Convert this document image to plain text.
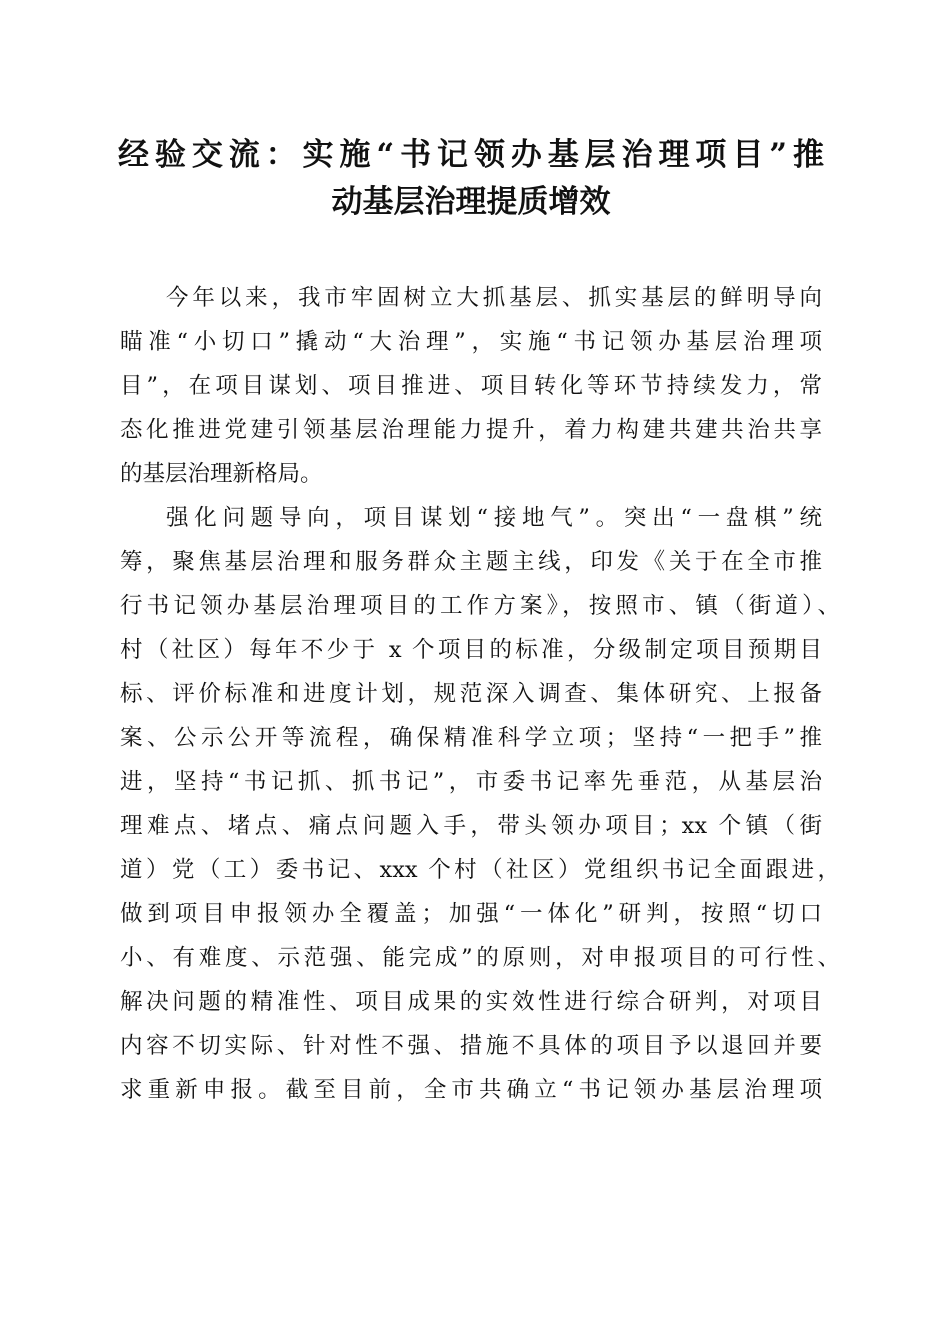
经验交流：实施“书记领办基层治理项目”推
动基层治理提质增效
今年以来，我市牢固树立大抓基层、抓实基层的鲜明导向
瞄准“小切口”撬动“大治理”，实施“书记领办基层治理项
目”，在项目谋划、项目推进、项目转化等环节持续发力，常
态化推进党建引领基层治理能力提升，着力构建共建共治共享
的基层治理新格局。
强化问题导向，项目谋划“接地气”。突出“一盘棋”统
筹，聚焦基层治理和服务群众主题主线，印发《关于在全市推
行书记领办基层治理项目的工作方案》，按照市、镇（街道）、
村（社区）每年不少于 x 个项目的标准，分级制定项目预期目
标、评价标准和进度计划，规范深入调查、集体研究、上报备
案、公示公开等流程，确保精准科学立项；坚持“一把手”推
进，坚持“书记抓、抓书记”，市委书记率先垂范，从基层治
理难点、堵点、痛点问题入手，带头领办项目；xx 个镇（街
道）党（工）委书记、xxx 个村（社区）党组织书记全面跟进，
做到项目申报领办全覆盖；加强“一体化”研判，按照“切口
小、有难度、示范强、能完成”的原则，对申报项目的可行性、
解决问题的精准性、项目成果的实效性进行综合研判，对项目
内容不切实际、针对性不强、措施不具体的项目予以退回并要
求重新申报。截至目前，全市共确立“书记领办基层治理项
